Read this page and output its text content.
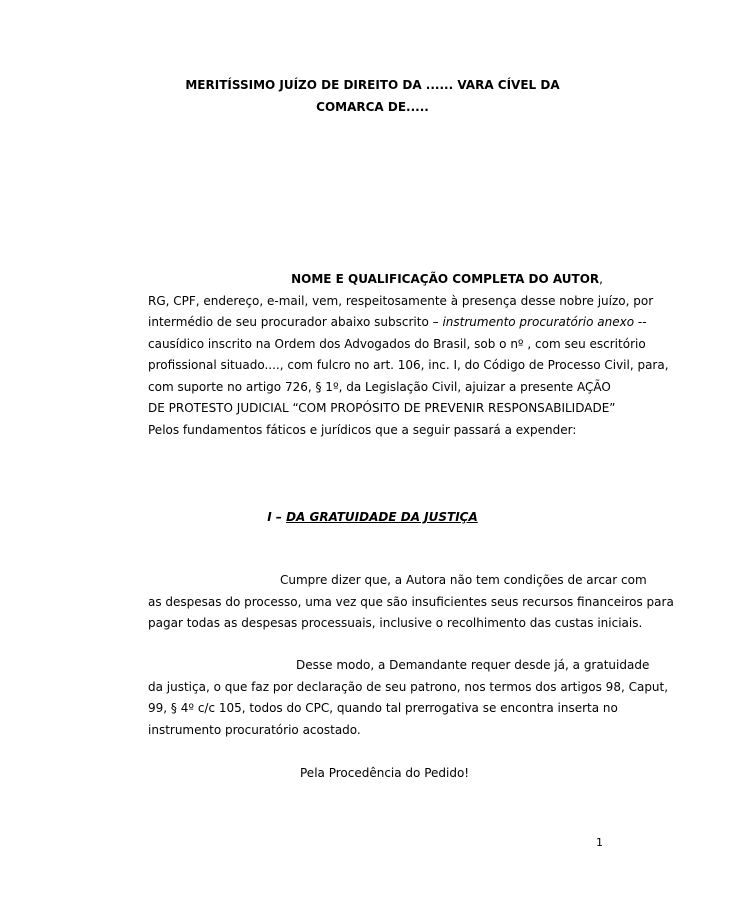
MERITÍSSIMO JUÍZO DE DIREITO DA ...... VARA CÍVEL DA
COMARCA DE.....
NOME E QUALIFICAÇÃO COMPLETA DO AUTOR,
RG, CPF, endereço, e-mail, vem, respeitosamente à presença desse nobre juízo, por
intermédio de seu procurador abaixo subscrito – instrumento procuratório anexo --
causídico inscrito na Ordem dos Advogados do Brasil, sob o nº , com seu escritório
profissional situado...., com fulcro no art. 106, inc. I, do Código de Processo Civil, para,
com suporte no artigo 726, § 1º, da Legislação Civil, ajuizar a presente AÇÃO
DE PROTESTO JUDICIAL “COM PROPÓSITO DE PREVENIR RESPONSABILIDADE”
Pelos fundamentos fáticos e jurídicos que a seguir passará a expender:
I – DA GRATUIDADE DA JUSTIÇA
Cumpre dizer que, a Autora não tem condições de arcar com
as despesas do processo, uma vez que são insuficientes seus recursos financeiros para
pagar todas as despesas processuais, inclusive o recolhimento das custas iniciais.
Desse modo, a Demandante requer desde já, a gratuidade
da justiça, o que faz por declaração de seu patrono, nos termos dos artigos 98, Caput,
99, § 4º c/c 105, todos do CPC, quando tal prerrogativa se encontra inserta no
instrumento procuratório acostado.
Pela Procedência do Pedido!
1
